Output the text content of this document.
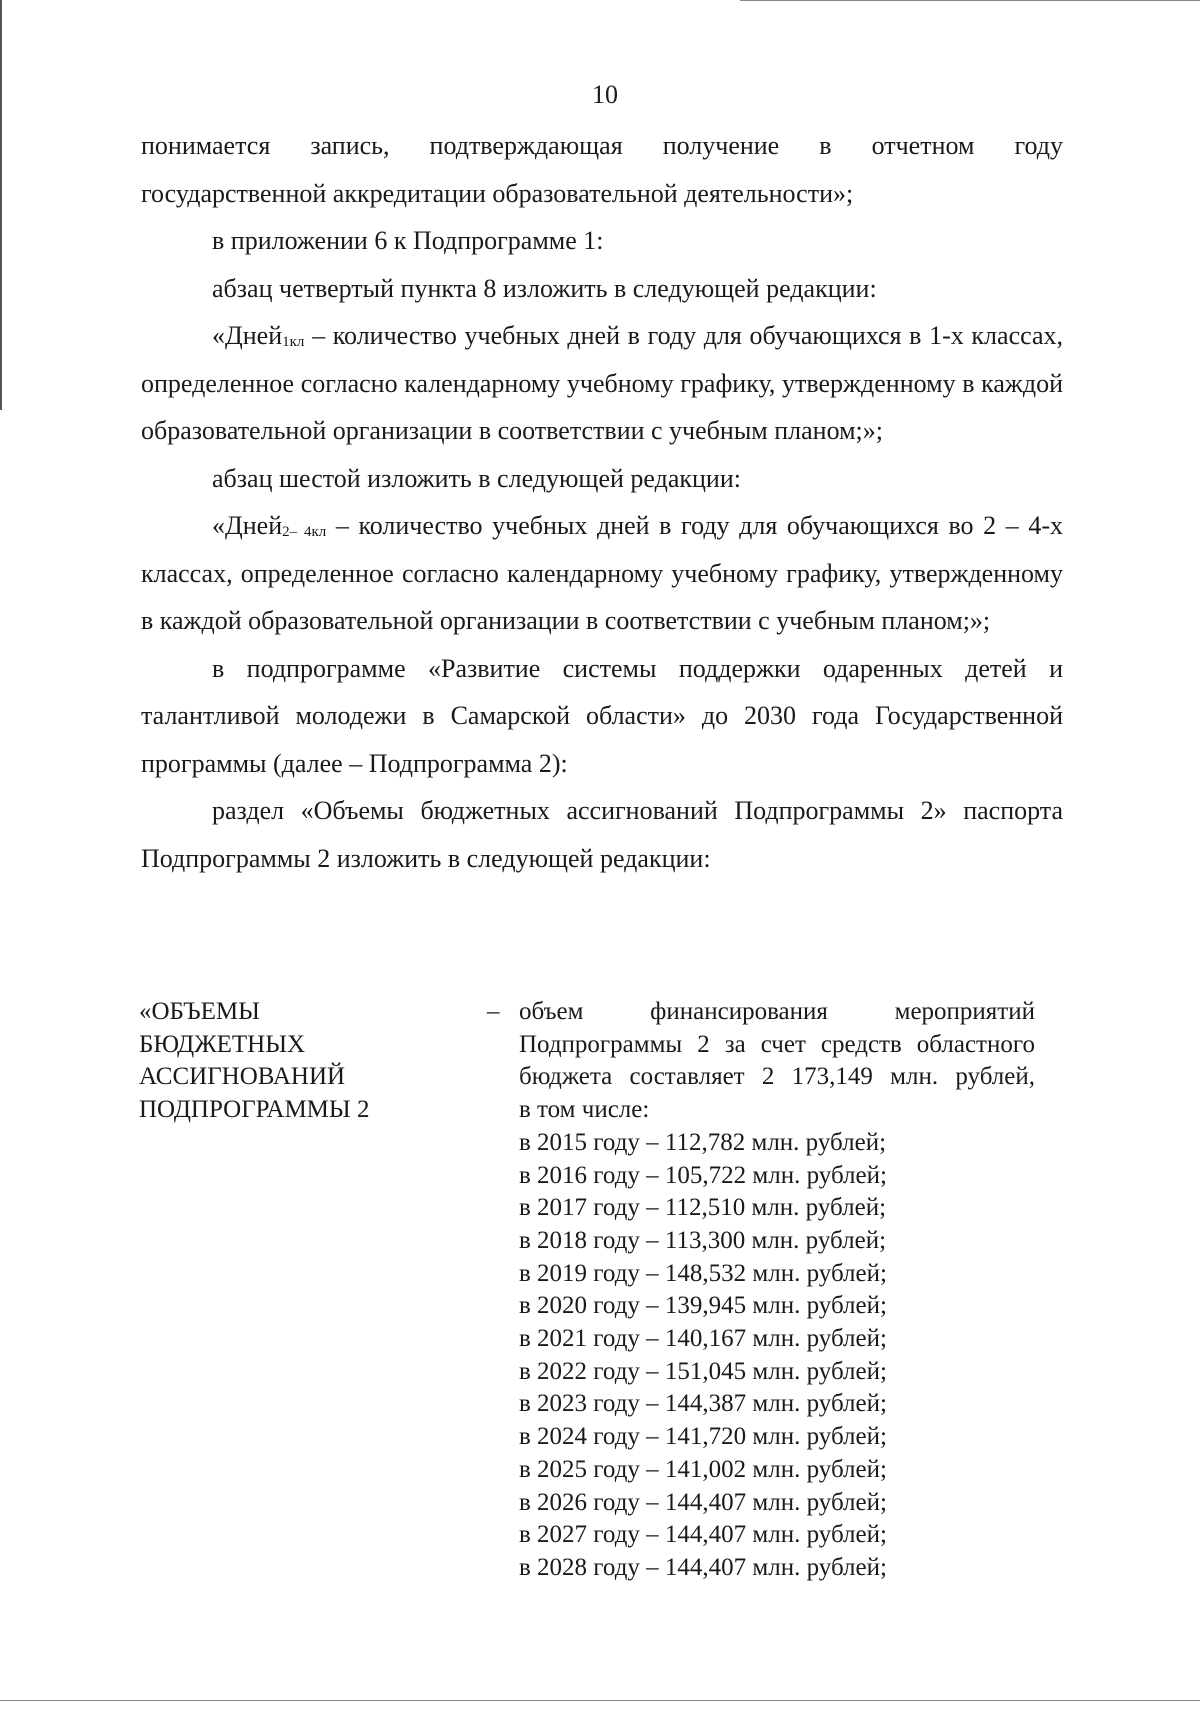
10

понимается запись, подтверждающая получение в отчетном году

государственной аккредитации образовательной деятельности»;

в приложении 6 к Подпрограмме 1:

абзац четвертый пункта 8 изложить в следующей редакции:

«Дней$_{1кл}$ – количество учебных дней в году для обучающихся в 1-х классах, определенное согласно календарному учебному графику, утвержденному в каждой образовательной организации в соответствии с учебным планом;»;

абзац шестой изложить в следующей редакции:

«Дней$_{2- 4кл}$ – количество учебных дней в году для обучающихся во 2 – 4-х классах, определенное согласно календарному учебному графику, утвержденному в каждой образовательной организации в соответствии с учебным планом;»;

в подпрограмме «Развитие системы поддержки одаренных детей и талантливой молодежи в Самарской области» до 2030 года Государственной программы (далее – Подпрограмма 2):

раздел «Объемы бюджетных ассигнований Подпрограммы 2» паспорта Подпрограммы 2 изложить в следующей редакции:

«ОБЪЕМЫ
БЮДЖЕТНЫХ
АССИГНОВАНИЙ
ПОДПРОГРАММЫ 2
– объем финансирования мероприятий
Подпрограммы 2 за счет средств областного
бюджета составляет 2 173,149 млн. рублей,
в том числе:
в 2015 году – 112,782 млн. рублей;
в 2016 году – 105,722 млн. рублей;
в 2017 году – 112,510 млн. рублей;
в 2018 году – 113,300 млн. рублей;
в 2019 году – 148,532 млн. рублей;
в 2020 году – 139,945 млн. рублей;
в 2021 году – 140,167 млн. рублей;
в 2022 году – 151,045 млн. рублей;
в 2023 году – 144,387 млн. рублей;
в 2024 году – 141,720 млн. рублей;
в 2025 году – 141,002 млн. рублей;
в 2026 году – 144,407 млн. рублей;
в 2027 году – 144,407 млн. рублей;
в 2028 году – 144,407 млн. рублей;
